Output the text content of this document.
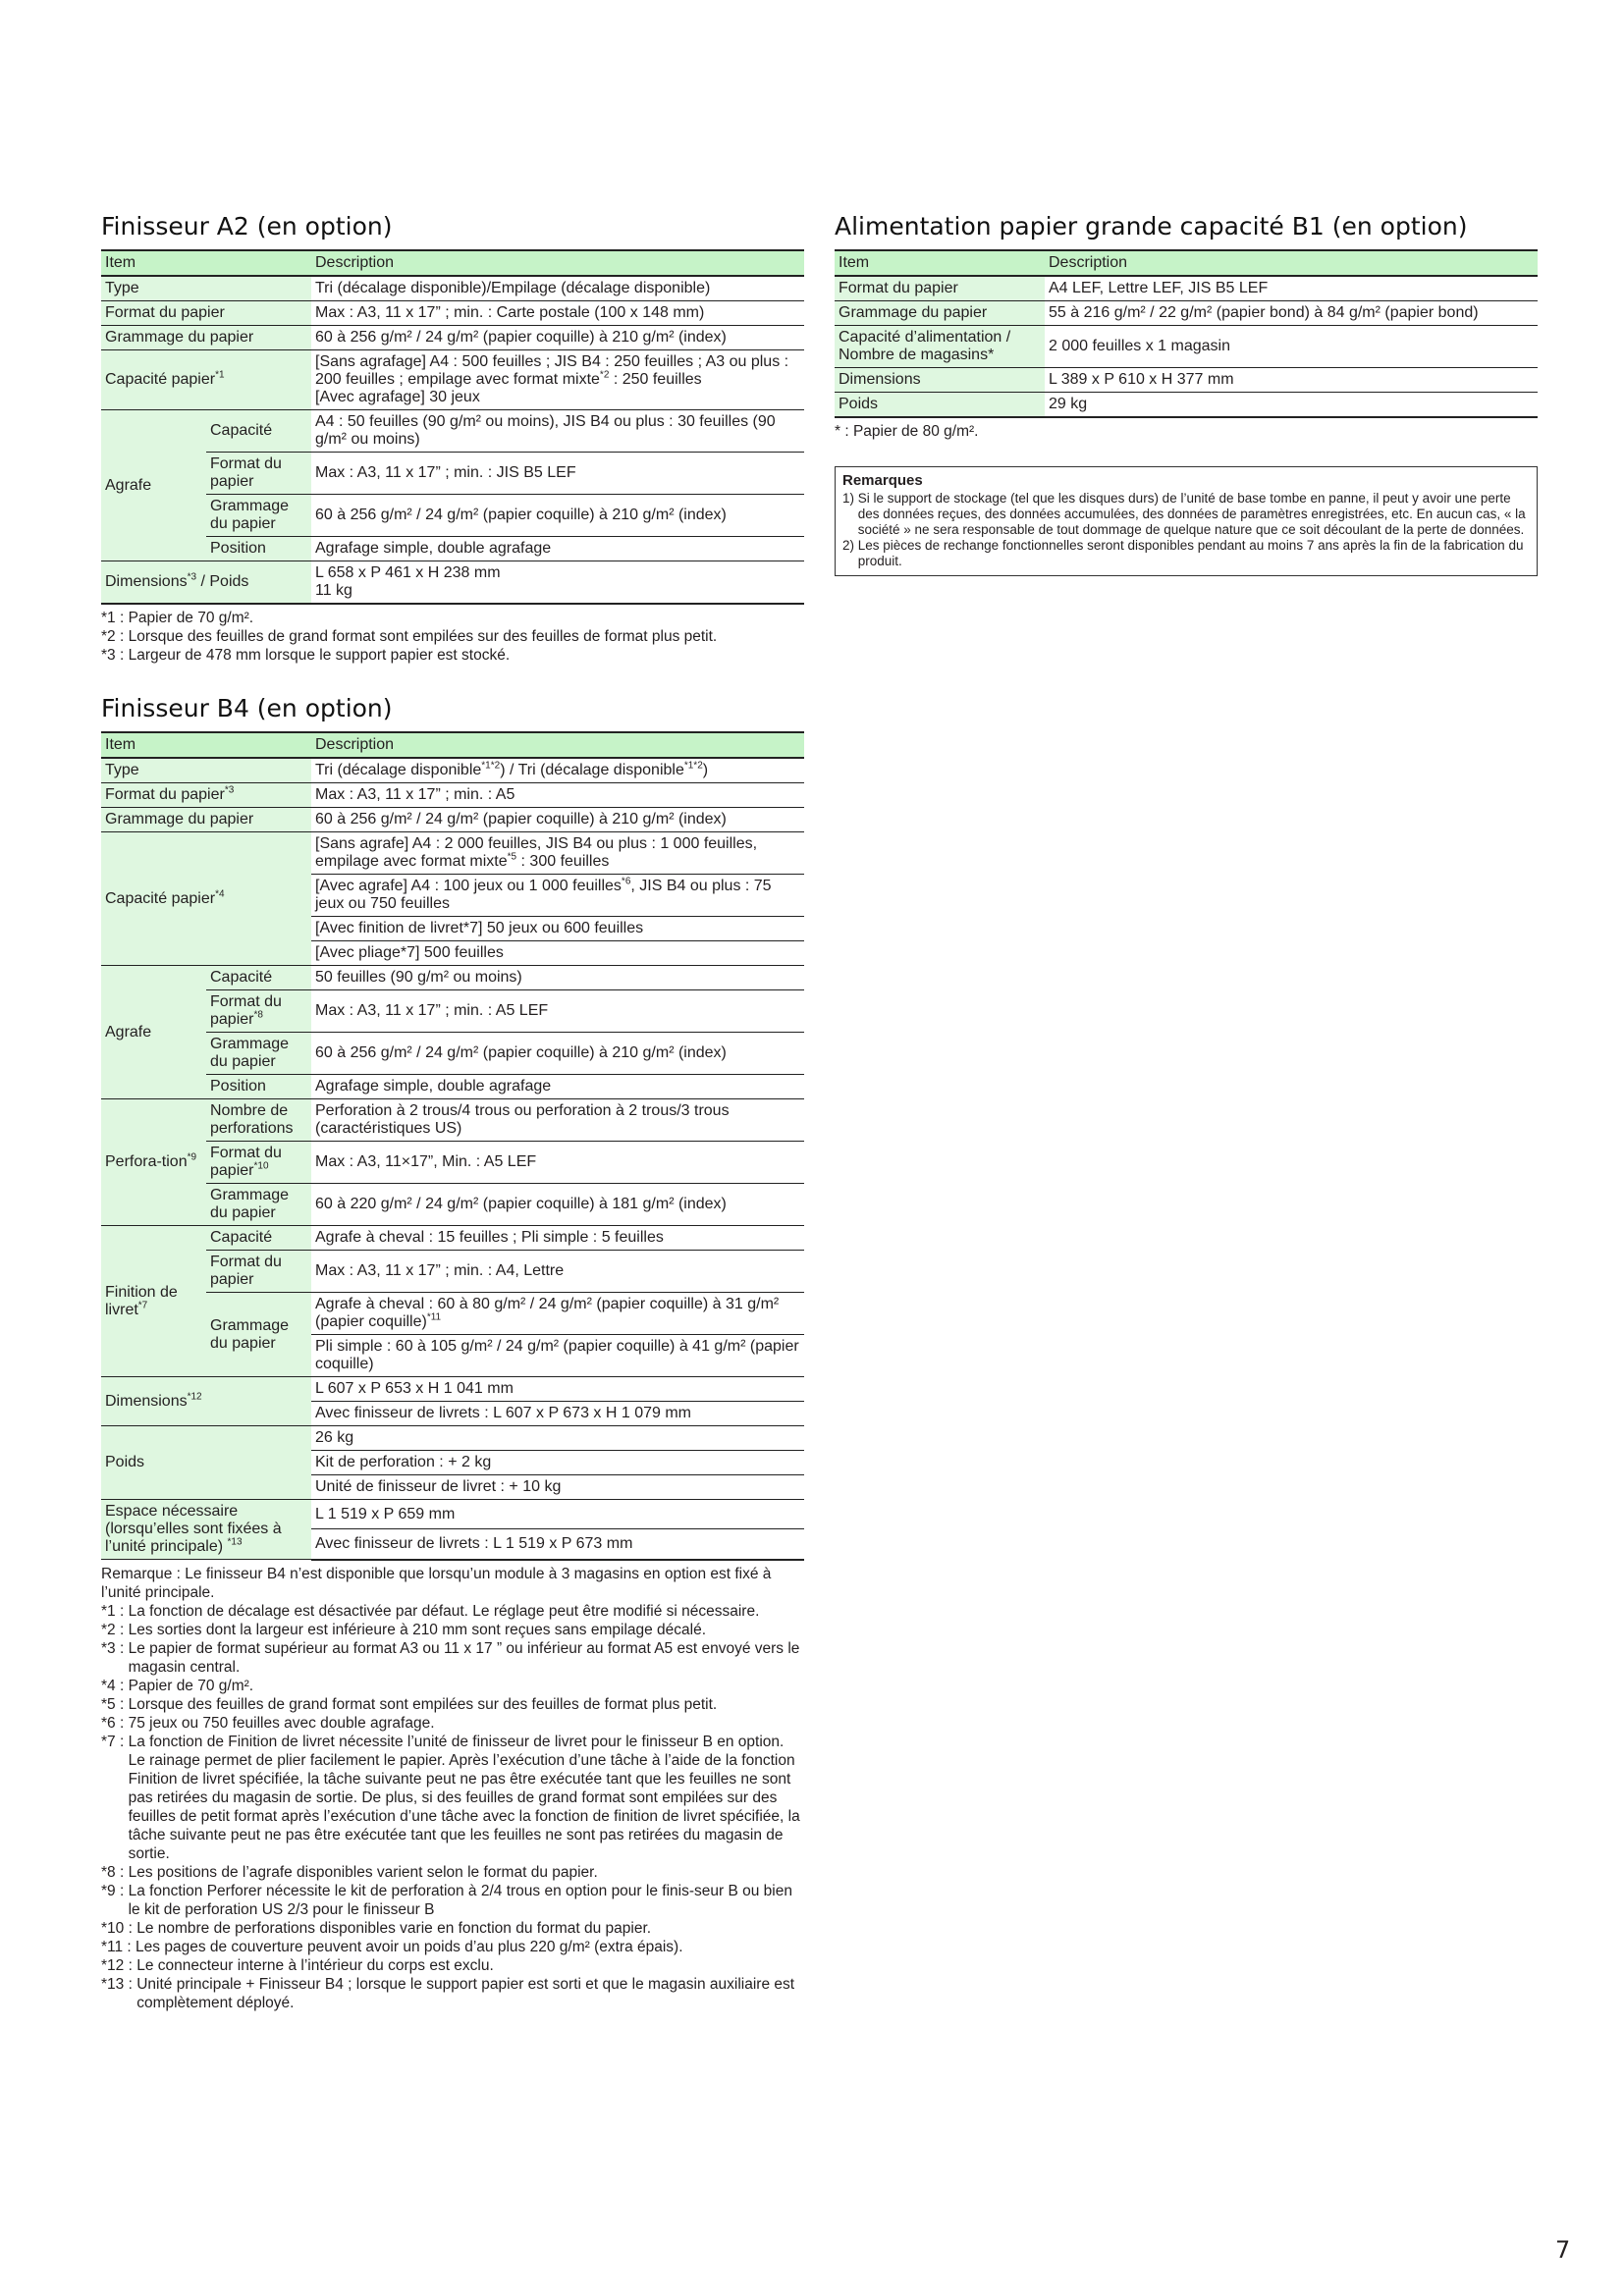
Finisseur A2 (en option)
Item		Description
Type		Tri (décalage disponible)/Empilage (décalage disponible)
Format du papier		Max : A3, 11 x 17” ; min. : Carte postale (100 x 148 mm)
Grammage du papier		60 à 256 g/m² / 24 g/m² (papier coquille) à 210 g/m² (index)
Capacité papier$^{*1}$		[Sans agrafage] A4 : 500 feuilles ; JIS B4 : 250 feuilles ; A3 ou plus : 200 feuilles ; empilage avec format mixte$^{*2}$ : 250 feuilles
[Avec agrafage] 30 jeux
Agrafe	Capacité	A4 : 50 feuilles (90 g/m² ou moins), JIS B4 ou plus : 30 feuilles (90 g/m² ou moins)
	Format du papier	Max : A3, 11 x 17” ; min. : JIS B5 LEF
	Grammage du papier	60 à 256 g/m² / 24 g/m² (papier coquille) à 210 g/m² (index)
	Position	Agrafage simple, double agrafage
Dimensions$^{*3}$ / Poids		L 658 x P 461 x H 238 mm
11 kg
*1 : Papier de 70 g/m².
*2 : Lorsque des feuilles de grand format sont empilées sur des feuilles de format plus petit.
*3 : Largeur de 478 mm lorsque le support papier est stocké.
Finisseur B4 (en option)
Item		Description
Type		Tri (décalage disponible$^{*1*2}$) / Tri (décalage disponible$^{*1*2}$)
Format du papier$^{*3}$		Max : A3, 11 x 17” ; min. : A5
Grammage du papier		60 à 256 g/m² / 24 g/m² (papier coquille) à 210 g/m² (index)
Capacité papier$^{*4}$		[Sans agrafe] A4 : 2 000 feuilles, JIS B4 ou plus : 1 000 feuilles, empilage avec format mixte$^{*5}$ : 300 feuilles
		[Avec agrafe] A4 : 100 jeux ou 1 000 feuilles$^{*6}$, JIS B4 ou plus : 75 jeux ou 750 feuilles
		[Avec finition de livret*7] 50 jeux ou 600 feuilles
		[Avec pliage*7] 500 feuilles
Agrafe	Capacité	50 feuilles (90 g/m² ou moins)
	Format du papier$^{*8}$	Max : A3, 11 x 17” ; min. : A5 LEF
	Grammage du papier	60 à 256 g/m² / 24 g/m² (papier coquille) à 210 g/m² (index)
	Position	Agrafage simple, double agrafage
Perfora-tion$^{*9}$	Nombre de perforations	Perforation à 2 trous/4 trous ou perforation à 2 trous/3 trous (caractéristiques US)
	Format du papier$^{*10}$	Max : A3, 11×17”, Min. : A5 LEF
	Grammage du papier	60 à 220 g/m² / 24 g/m² (papier coquille) à 181 g/m² (index)
Finition de livret$^{*7}$	Capacité	Agrafe à cheval : 15 feuilles ; Pli simple : 5 feuilles
	Format du papier	Max : A3, 11 x 17” ; min. : A4, Lettre
	Grammage du papier	Agrafe à cheval : 60 à 80 g/m² / 24 g/m² (papier coquille) à 31 g/m² (papier coquille)$^{*11}$
		Pli simple : 60 à 105 g/m² / 24 g/m² (papier coquille) à 41 g/m² (papier coquille)
Dimensions$^{*12}$		L 607 x P 653 x H 1 041 mm
		Avec finisseur de livrets : L 607 x P 673 x H 1 079 mm
Poids		26 kg
		Kit de perforation : + 2 kg
		Unité de finisseur de livret : + 10 kg
Espace nécessaire (lorsqu’elles sont fixées à l’unité principale) $^{*13}$		L 1 519 x P 659 mm
		Avec finisseur de livrets : L 1 519 x P 673 mm
Remarque : Le finisseur B4 n’est disponible que lorsqu’un module à 3 magasins en option est fixé à l’unité principale.
*1 : La fonction de décalage est désactivée par défaut. Le réglage peut être modifié si nécessaire.
*2 : Les sorties dont la largeur est inférieure à 210 mm sont reçues sans empilage décalé.
*3 : Le papier de format supérieur au format A3 ou 11 x 17 ” ou inférieur au format A5 est envoyé vers le magasin central.
*4 : Papier de 70 g/m².
*5 : Lorsque des feuilles de grand format sont empilées sur des feuilles de format plus petit.
*6 : 75 jeux ou 750 feuilles avec double agrafage.
*7 : La fonction de Finition de livret nécessite l’unité de finisseur de livret pour le finisseur B en option. Le rainage permet de plier facilement le papier. Après l’exécution d’une tâche à l’aide de la fonction Finition de livret spécifiée, la tâche suivante peut ne pas être exécutée tant que les feuilles ne sont pas retirées du magasin de sortie. De plus, si des feuilles de grand format sont empilées sur des feuilles de petit format après l’exécution d’une tâche avec la fonction de finition de livret spécifiée, la tâche suivante peut ne pas être exécutée tant que les feuilles ne sont pas retirées du magasin de sortie.
*8 : Les positions de l’agrafe disponibles varient selon le format du papier.
*9 : La fonction Perforer nécessite le kit de perforation à 2/4 trous en option pour le finis-seur B ou bien le kit de perforation US 2/3 pour le finisseur B
*10 : Le nombre de perforations disponibles varie en fonction du format du papier.
*11 : Les pages de couverture peuvent avoir un poids d’au plus 220 g/m² (extra épais).
*12 : Le connecteur interne à l’intérieur du corps est exclu.
*13 : Unité principale + Finisseur B4 ; lorsque le support papier est sorti et que le magasin auxiliaire est complètement déployé.
Alimentation papier grande capacité B1 (en option)
Item	Description
Format du papier	A4 LEF, Lettre LEF, JIS B5 LEF
Grammage du papier	55 à 216 g/m² / 22 g/m² (papier bond) à 84 g/m² (papier bond)
Capacité d’alimentation / Nombre de magasins*	2 000 feuilles x 1 magasin
Dimensions	L 389 x P 610 x H 377 mm
Poids	29 kg
* : Papier de 80 g/m².
Remarques
1) Si le support de stockage (tel que les disques durs) de l’unité de base tombe en panne, il peut y avoir une perte des données reçues, des données accumulées, des données de paramètres enregistrées, etc. En aucun cas, « la société » ne sera responsable de tout dommage de quelque nature que ce soit découlant de la perte de données.
2) Les pièces de rechange fonctionnelles seront disponibles pendant au moins 7 ans après la fin de la fabrication du produit.
7
